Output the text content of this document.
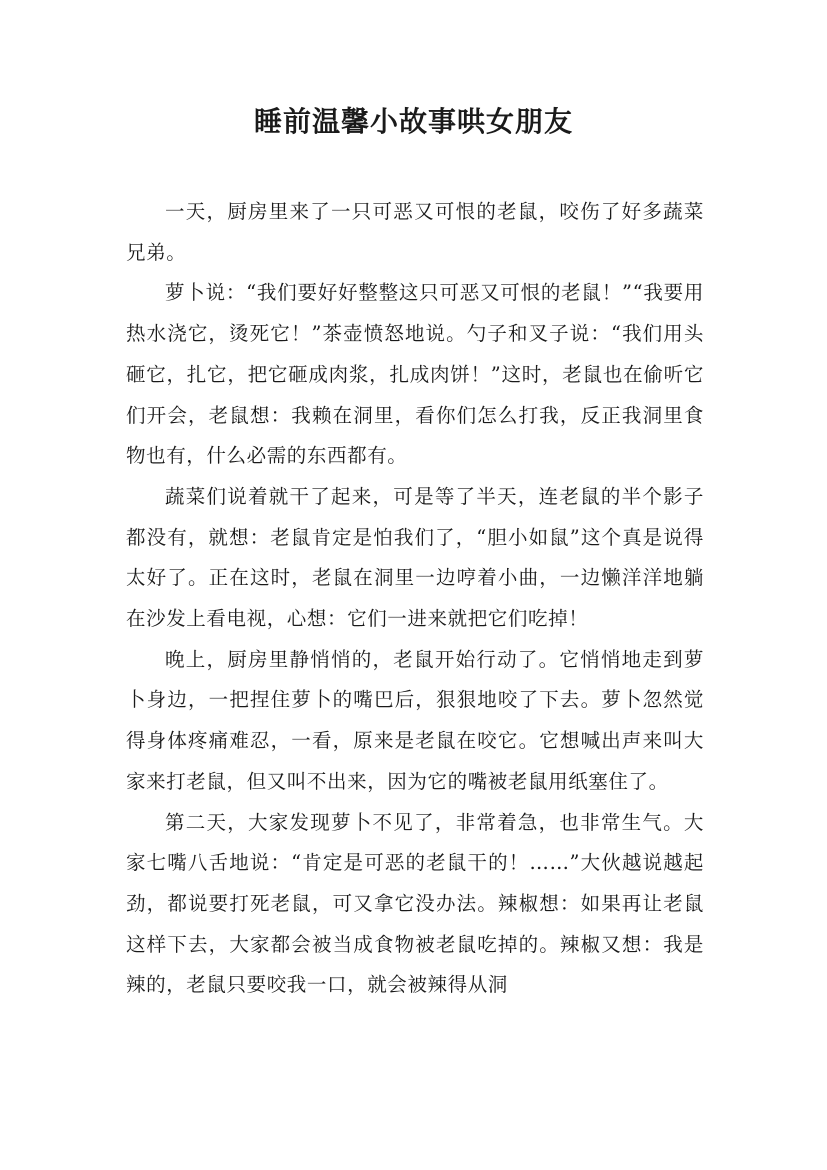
睡前温馨小故事哄女朋友

一天，厨房里来了一只可恶又可恨的老鼠，咬伤了好多蔬菜兄弟。

萝卜说：“我们要好好整整这只可恶又可恨的老鼠！”“我要用热水浇它，烫死它！”茶壶愤怒地说。勺子和叉子说：“我们用头砸它，扎它，把它砸成肉浆，扎成肉饼！”这时，老鼠也在偷听它们开会，老鼠想：我赖在洞里，看你们怎么打我，反正我洞里食物也有，什么必需的东西都有。

蔬菜们说着就干了起来，可是等了半天，连老鼠的半个影子都没有，就想：老鼠肯定是怕我们了，“胆小如鼠”这个真是说得太好了。正在这时，老鼠在洞里一边哼着小曲，一边懒洋洋地躺在沙发上看电视，心想：它们一进来就把它们吃掉！

晚上，厨房里静悄悄的，老鼠开始行动了。它悄悄地走到萝卜身边，一把捏住萝卜的嘴巴后，狠狠地咬了下去。萝卜忽然觉得身体疼痛难忍，一看，原来是老鼠在咬它。它想喊出声来叫大家来打老鼠，但又叫不出来，因为它的嘴被老鼠用纸塞住了。

第二天，大家发现萝卜不见了，非常着急，也非常生气。大家七嘴八舌地说：“肯定是可恶的老鼠干的！……”大伙越说越起劲，都说要打死老鼠，可又拿它没办法。辣椒想：如果再让老鼠这样下去，大家都会被当成食物被老鼠吃掉的。辣椒又想：我是辣的，老鼠只要咬我一口，就会被辣得从洞
